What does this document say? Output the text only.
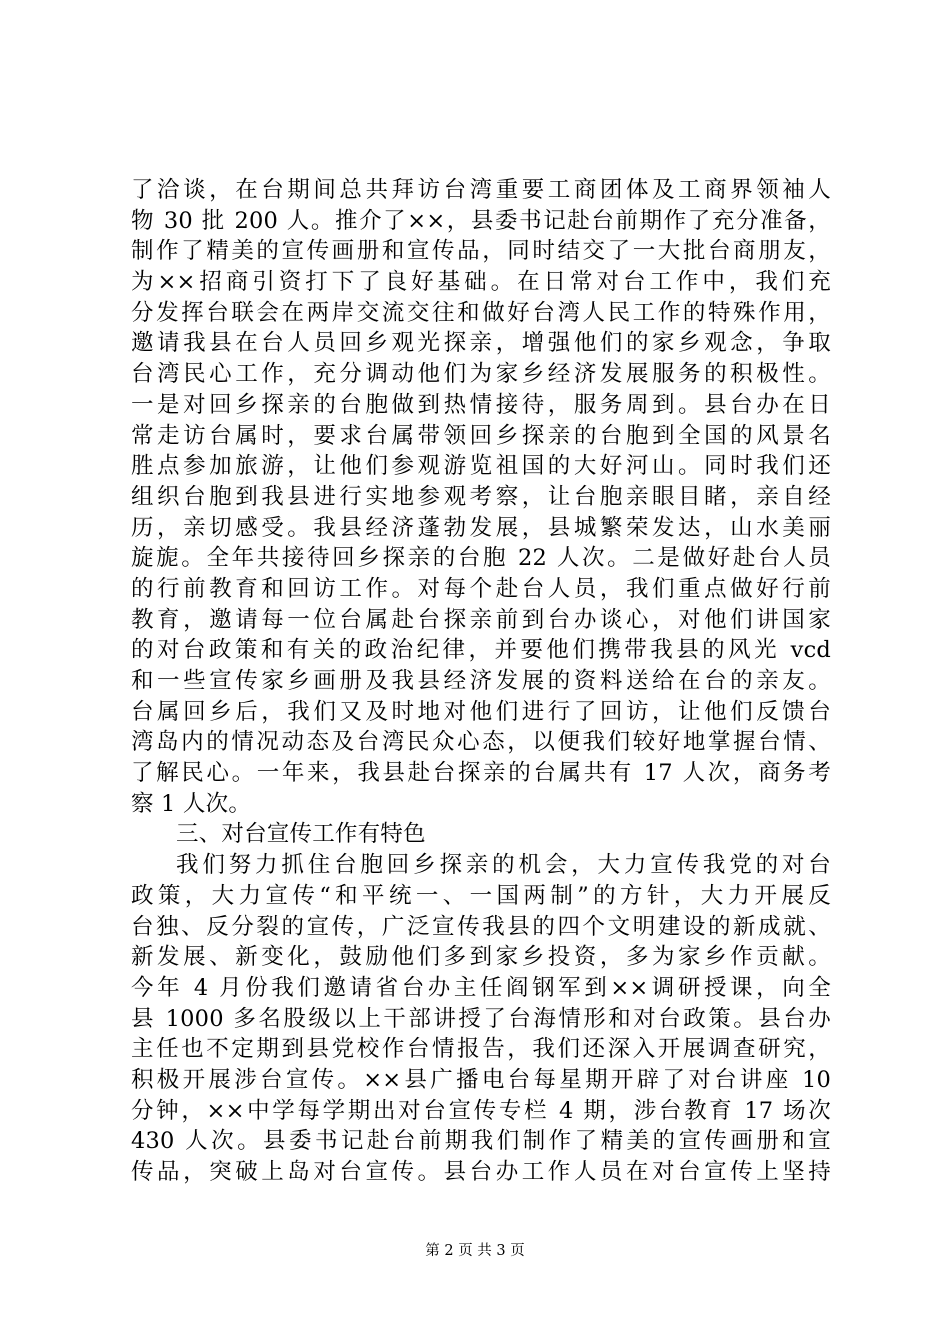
了洽谈，在台期间总共拜访台湾重要工商团体及工商界领袖人
物 30 批 200 人。推介了××，县委书记赴台前期作了充分准备，
制作了精美的宣传画册和宣传品，同时结交了一大批台商朋友，
为××招商引资打下了良好基础。在日常对台工作中，我们充
分发挥台联会在两岸交流交往和做好台湾人民工作的特殊作用，
邀请我县在台人员回乡观光探亲，增强他们的家乡观念，争取
台湾民心工作，充分调动他们为家乡经济发展服务的积极性。
一是对回乡探亲的台胞做到热情接待，服务周到。县台办在日
常走访台属时，要求台属带领回乡探亲的台胞到全国的风景名
胜点参加旅游，让他们参观游览祖国的大好河山。同时我们还
组织台胞到我县进行实地参观考察，让台胞亲眼目睹，亲自经
历，亲切感受。我县经济蓬勃发展，县城繁荣发达，山水美丽
旋旎。全年共接待回乡探亲的台胞 22 人次。二是做好赴台人员
的行前教育和回访工作。对每个赴台人员，我们重点做好行前
教育，邀请每一位台属赴台探亲前到台办谈心，对他们讲国家
的对台政策和有关的政治纪律，并要他们携带我县的风光 vcd
和一些宣传家乡画册及我县经济发展的资料送给在台的亲友。
台属回乡后，我们又及时地对他们进行了回访，让他们反馈台
湾岛内的情况动态及台湾民众心态，以便我们较好地掌握台情、
了解民心。一年来，我县赴台探亲的台属共有 17 人次，商务考
察 1 人次。
三、对台宣传工作有特色
我们努力抓住台胞回乡探亲的机会，大力宣传我党的对台
政策，大力宣传“和平统一、一国两制”的方针，大力开展反
台独、反分裂的宣传，广泛宣传我县的四个文明建设的新成就、
新发展、新变化，鼓励他们多到家乡投资，多为家乡作贡献。
今年 4 月份我们邀请省台办主任阎钢军到××调研授课，向全
县 1000 多名股级以上干部讲授了台海情形和对台政策。县台办
主任也不定期到县党校作台情报告，我们还深入开展调查研究，
积极开展涉台宣传。××县广播电台每星期开辟了对台讲座 10
分钟，××中学每学期出对台宣传专栏 4 期，涉台教育 17 场次
430 人次。县委书记赴台前期我们制作了精美的宣传画册和宣
传品，突破上岛对台宣传。县台办工作人员在对台宣传上坚持
第 2 页 共 3 页
